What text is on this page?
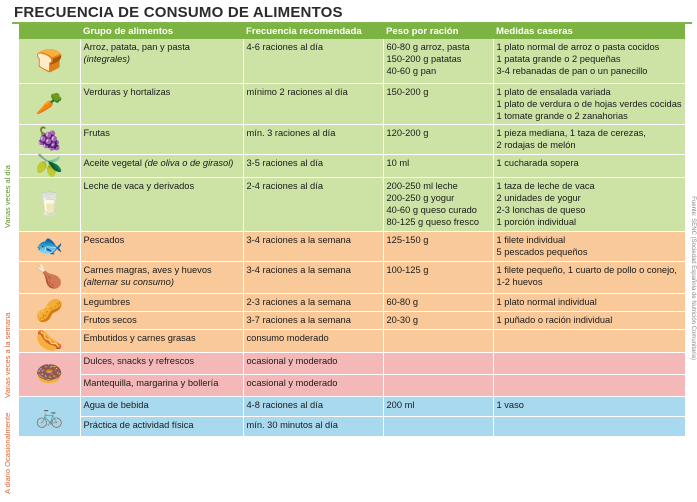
FRECUENCIA DE CONSUMO DE ALIMENTOS
Varias veces al día
Varias veces a la semana
A diario Ocasionalmente
Fuente: SENC (Sociedad Española de Nutrición Comunitaria)
	Grupo de alimentos	Frecuencia recomendada	Peso por ración	Medidas caseras
🍞	Arroz, patata, pan y pasta
(integrales)	4-6 raciones al día	60-80 g arroz, pasta
150-200 g patatas
40-60 g pan	1 plato normal de arroz o pasta cocidos
1 patata grande o 2 pequeñas
3-4 rebanadas de pan o un panecillo

🥕	Verduras y hortalizas	mínimo 2 raciones al día	150-200 g	1 plato de ensalada variada
1 plato de verdura o de hojas verdes cocidas
1 tomate grande o 2 zanahorias

🍇	Frutas	mín. 3 raciones al día	120-200 g	1 pieza mediana, 1 taza de cerezas,
2 rodajas de melón

🫒	Aceite vegetal (de oliva o de girasol)	3-5 raciones al día	10 ml	1 cucharada sopera

🥛	Leche de vaca y derivados	2-4 raciones al día	200-250 ml leche
200-250 g yogur
40-60 g queso curado
80-125 g queso fresco	1 taza de leche de vaca
2 unidades de yogur
2-3 lonchas de queso
1 porción individual

🐟	Pescados	3-4 raciones a la semana	125-150 g	1 filete individual
5 pescados pequeños

🍗	Carnes magras, aves y huevos
(alternar su consumo)	3-4 raciones a la semana	100-125 g	1 filete pequeño, 1 cuarto de pollo o conejo,
1-2 huevos

🥜	Legumbres	2-3 raciones a la semana	60-80 g	1 plato normal individual

	Frutos secos	3-7 raciones a la semana	20-30 g	1 puñado o ración individual

🌭	Embutidos y carnes grasas	consumo moderado		
🍩	Dulces, snacks y refrescos	ocasional y moderado		
	Mantequilla, margarina y bollería	ocasional y moderado		
🚲	Agua de bebida	4-8 raciones al día	200 ml	1 vaso

	Práctica de actividad física	mín. 30 minutos al día		
